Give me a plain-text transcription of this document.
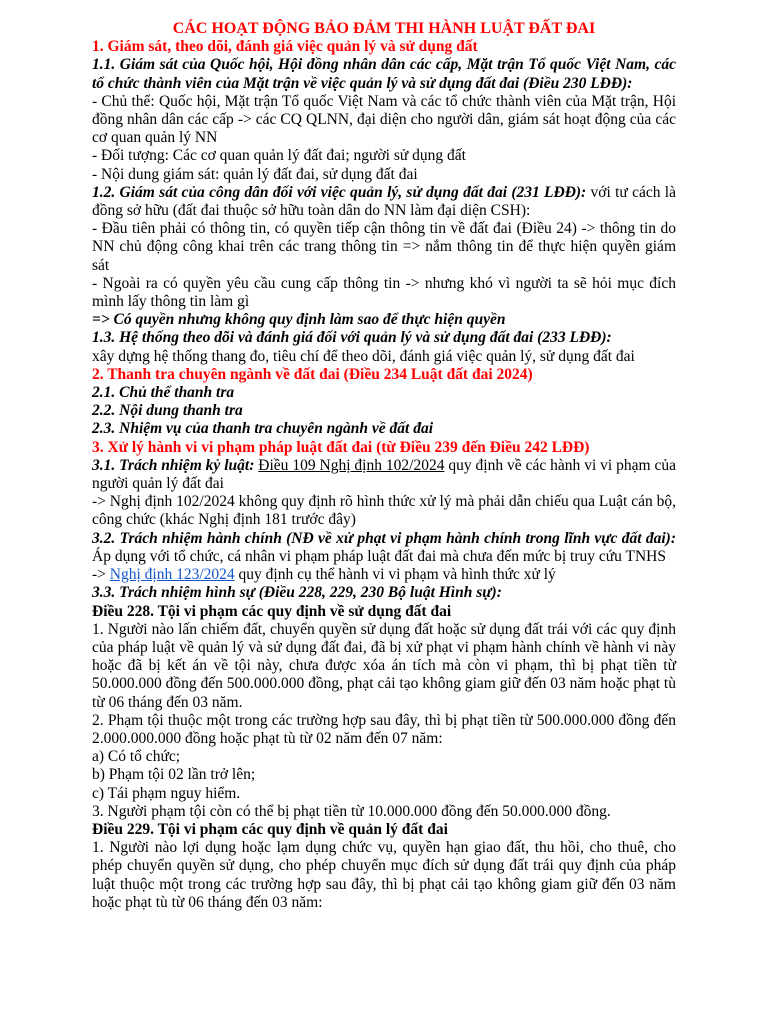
CÁC HOẠT ĐỘNG BẢO ĐẢM THI HÀNH LUẬT ĐẤT ĐAI

1. Giám sát, theo dõi, đánh giá việc quản lý và sử dụng đất

1.1. Giám sát của Quốc hội, Hội đồng nhân dân các cấp, Mặt trận Tổ quốc Việt Nam, các tổ chức thành viên của Mặt trận về việc quản lý và sử dụng đất đai (Điều 230 LĐĐ):

- Chủ thể: Quốc hội, Mặt trận Tổ quốc Việt Nam và các tổ chức thành viên của Mặt trận, Hội đồng nhân dân các cấp -> các CQ QLNN, đại diện cho người dân, giám sát hoạt động của các cơ quan quản lý NN

- Đối tượng: Các cơ quan quản lý đất đai; người sử dụng đất

- Nội dung giám sát: quản lý đất đai, sử dụng đất đai

1.2. Giám sát của công dân đối với việc quản lý, sử dụng đất đai (231 LĐĐ): với tư cách là đồng sở hữu (đất đai thuộc sở hữu toàn dân do NN làm đại diện CSH):

- Đầu tiên phải có thông tin, có quyền tiếp cận thông tin về đất đai (Điều 24) -> thông tin do NN chủ động công khai trên các trang thông tin => nắm thông tin để thực hiện quyền giám sát

- Ngoài ra có quyền yêu cầu cung cấp thông tin -> nhưng khó vì người ta sẽ hỏi mục đích mình lấy thông tin làm gì

=> Có quyền nhưng không quy định làm sao để thực hiện quyền

1.3. Hệ thống theo dõi và đánh giá đối với quản lý và sử dụng đất đai (233 LĐĐ):

xây dựng hệ thống thang đo, tiêu chí để theo dõi, đánh giá việc quản lý, sử dụng đất đai

2. Thanh tra chuyên ngành về đất đai (Điều 234 Luật đất đai 2024)

2.1. Chủ thể thanh tra

2.2. Nội dung thanh tra

2.3. Nhiệm vụ của thanh tra chuyên ngành về đất đai

3. Xử lý hành vi vi phạm pháp luật đất đai (từ Điều 239 đến Điều 242 LĐĐ)

3.1. Trách nhiệm kỷ luật: Điều 109 Nghị định 102/2024 quy định về các hành vi vi phạm của người quản lý đất đai

-> Nghị định 102/2024 không quy định rõ hình thức xử lý mà phải dẫn chiếu qua Luật cán bộ, công chức (khác Nghị định 181 trước đây)

3.2. Trách nhiệm hành chính (NĐ về xử phạt vi phạm hành chính trong lĩnh vực đất đai): Áp dụng với tổ chức, cá nhân vi phạm pháp luật đất đai mà chưa đến mức bị truy cứu TNHS

-> Nghị định 123/2024 quy định cụ thể hành vi vi phạm và hình thức xử lý

3.3. Trách nhiệm hình sự (Điều 228, 229, 230 Bộ luật Hình sự):

Điều 228. Tội vi phạm các quy định về sử dụng đất đai

1. Người nào lấn chiếm đất, chuyển quyền sử dụng đất hoặc sử dụng đất trái với các quy định của pháp luật về quản lý và sử dụng đất đai, đã bị xử phạt vi phạm hành chính về hành vi này hoặc đã bị kết án về tội này, chưa được xóa án tích mà còn vi phạm, thì bị phạt tiền từ 50.000.000 đồng đến 500.000.000 đồng, phạt cải tạo không giam giữ đến 03 năm hoặc phạt tù từ 06 tháng đến 03 năm.

2. Phạm tội thuộc một trong các trường hợp sau đây, thì bị phạt tiền từ 500.000.000 đồng đến 2.000.000.000 đồng hoặc phạt tù từ 02 năm đến 07 năm:

a) Có tổ chức;

b) Phạm tội 02 lần trở lên;

c) Tái phạm nguy hiểm.

3. Người phạm tội còn có thể bị phạt tiền từ 10.000.000 đồng đến 50.000.000 đồng.

Điều 229. Tội vi phạm các quy định về quản lý đất đai

1. Người nào lợi dụng hoặc lạm dụng chức vụ, quyền hạn giao đất, thu hồi, cho thuê, cho phép chuyển quyền sử dụng, cho phép chuyển mục đích sử dụng đất trái quy định của pháp luật thuộc một trong các trường hợp sau đây, thì bị phạt cải tạo không giam giữ đến 03 năm hoặc phạt tù từ 06 tháng đến 03 năm:
